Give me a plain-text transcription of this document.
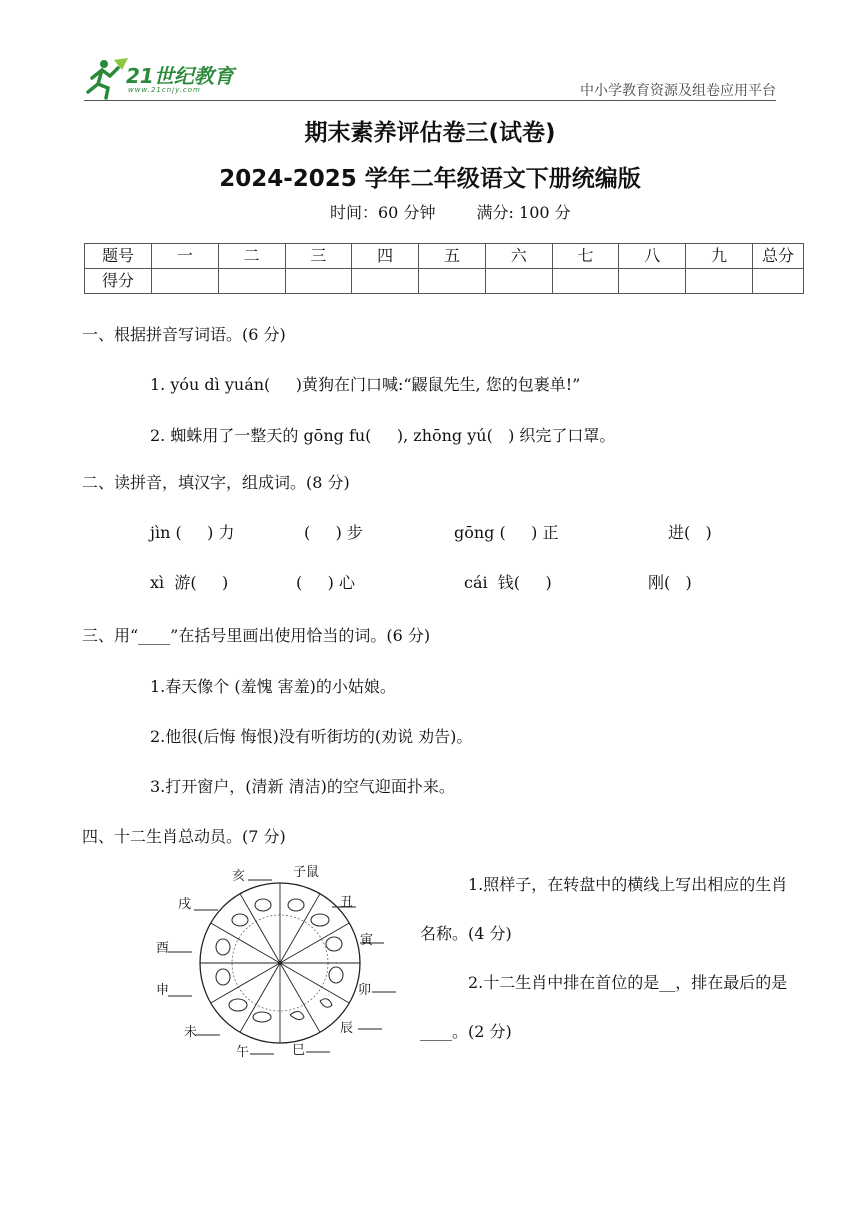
21世纪教育
www.21cnjy.com	中小学教育资源及组卷应用平台
期末素养评估卷三(试卷)
2024-2025 学年二年级语文下册统编版
时间：60 分钟	满分: 100 分
题号	一	二	三	四	五	六	七	八	九	总分
得分										
一、根据拼音写词语。(6 分)
1. yóu dì yuán(     )黄狗在门口喊:“鼹鼠先生, 您的包裹单!”
2. 蜘蛛用了一整天的 gōng fu(     ), zhōng yú(   ) 织完了口罩。
二、读拼音，填汉字，组成词。(8 分)
jìn (     ) 力	(     ) 步	gōng (     ) 正	进(   )
xì  游(     )	(     ) 心	cái  钱(     )	刚(   )
三、用“____”在括号里画出使用恰当的词。(6 分)
1.春天像个 (羞愧 害羞)的小姑娘。
2.他很(后悔 悔恨)没有听街坊的(劝说 劝告)。
3.打开窗户，(清新 清洁)的空气迎面扑来。
四、十二生肖总动员。(7 分)
亥	子鼠
丑
寅
卯
辰
巳
午
未
申
酉
戌
1.照样子，在转盘中的横线上写出相应的生肖名称。(4 分)
2.十二生肖中排在首位的是__，排在最后的是____。(2 分)
